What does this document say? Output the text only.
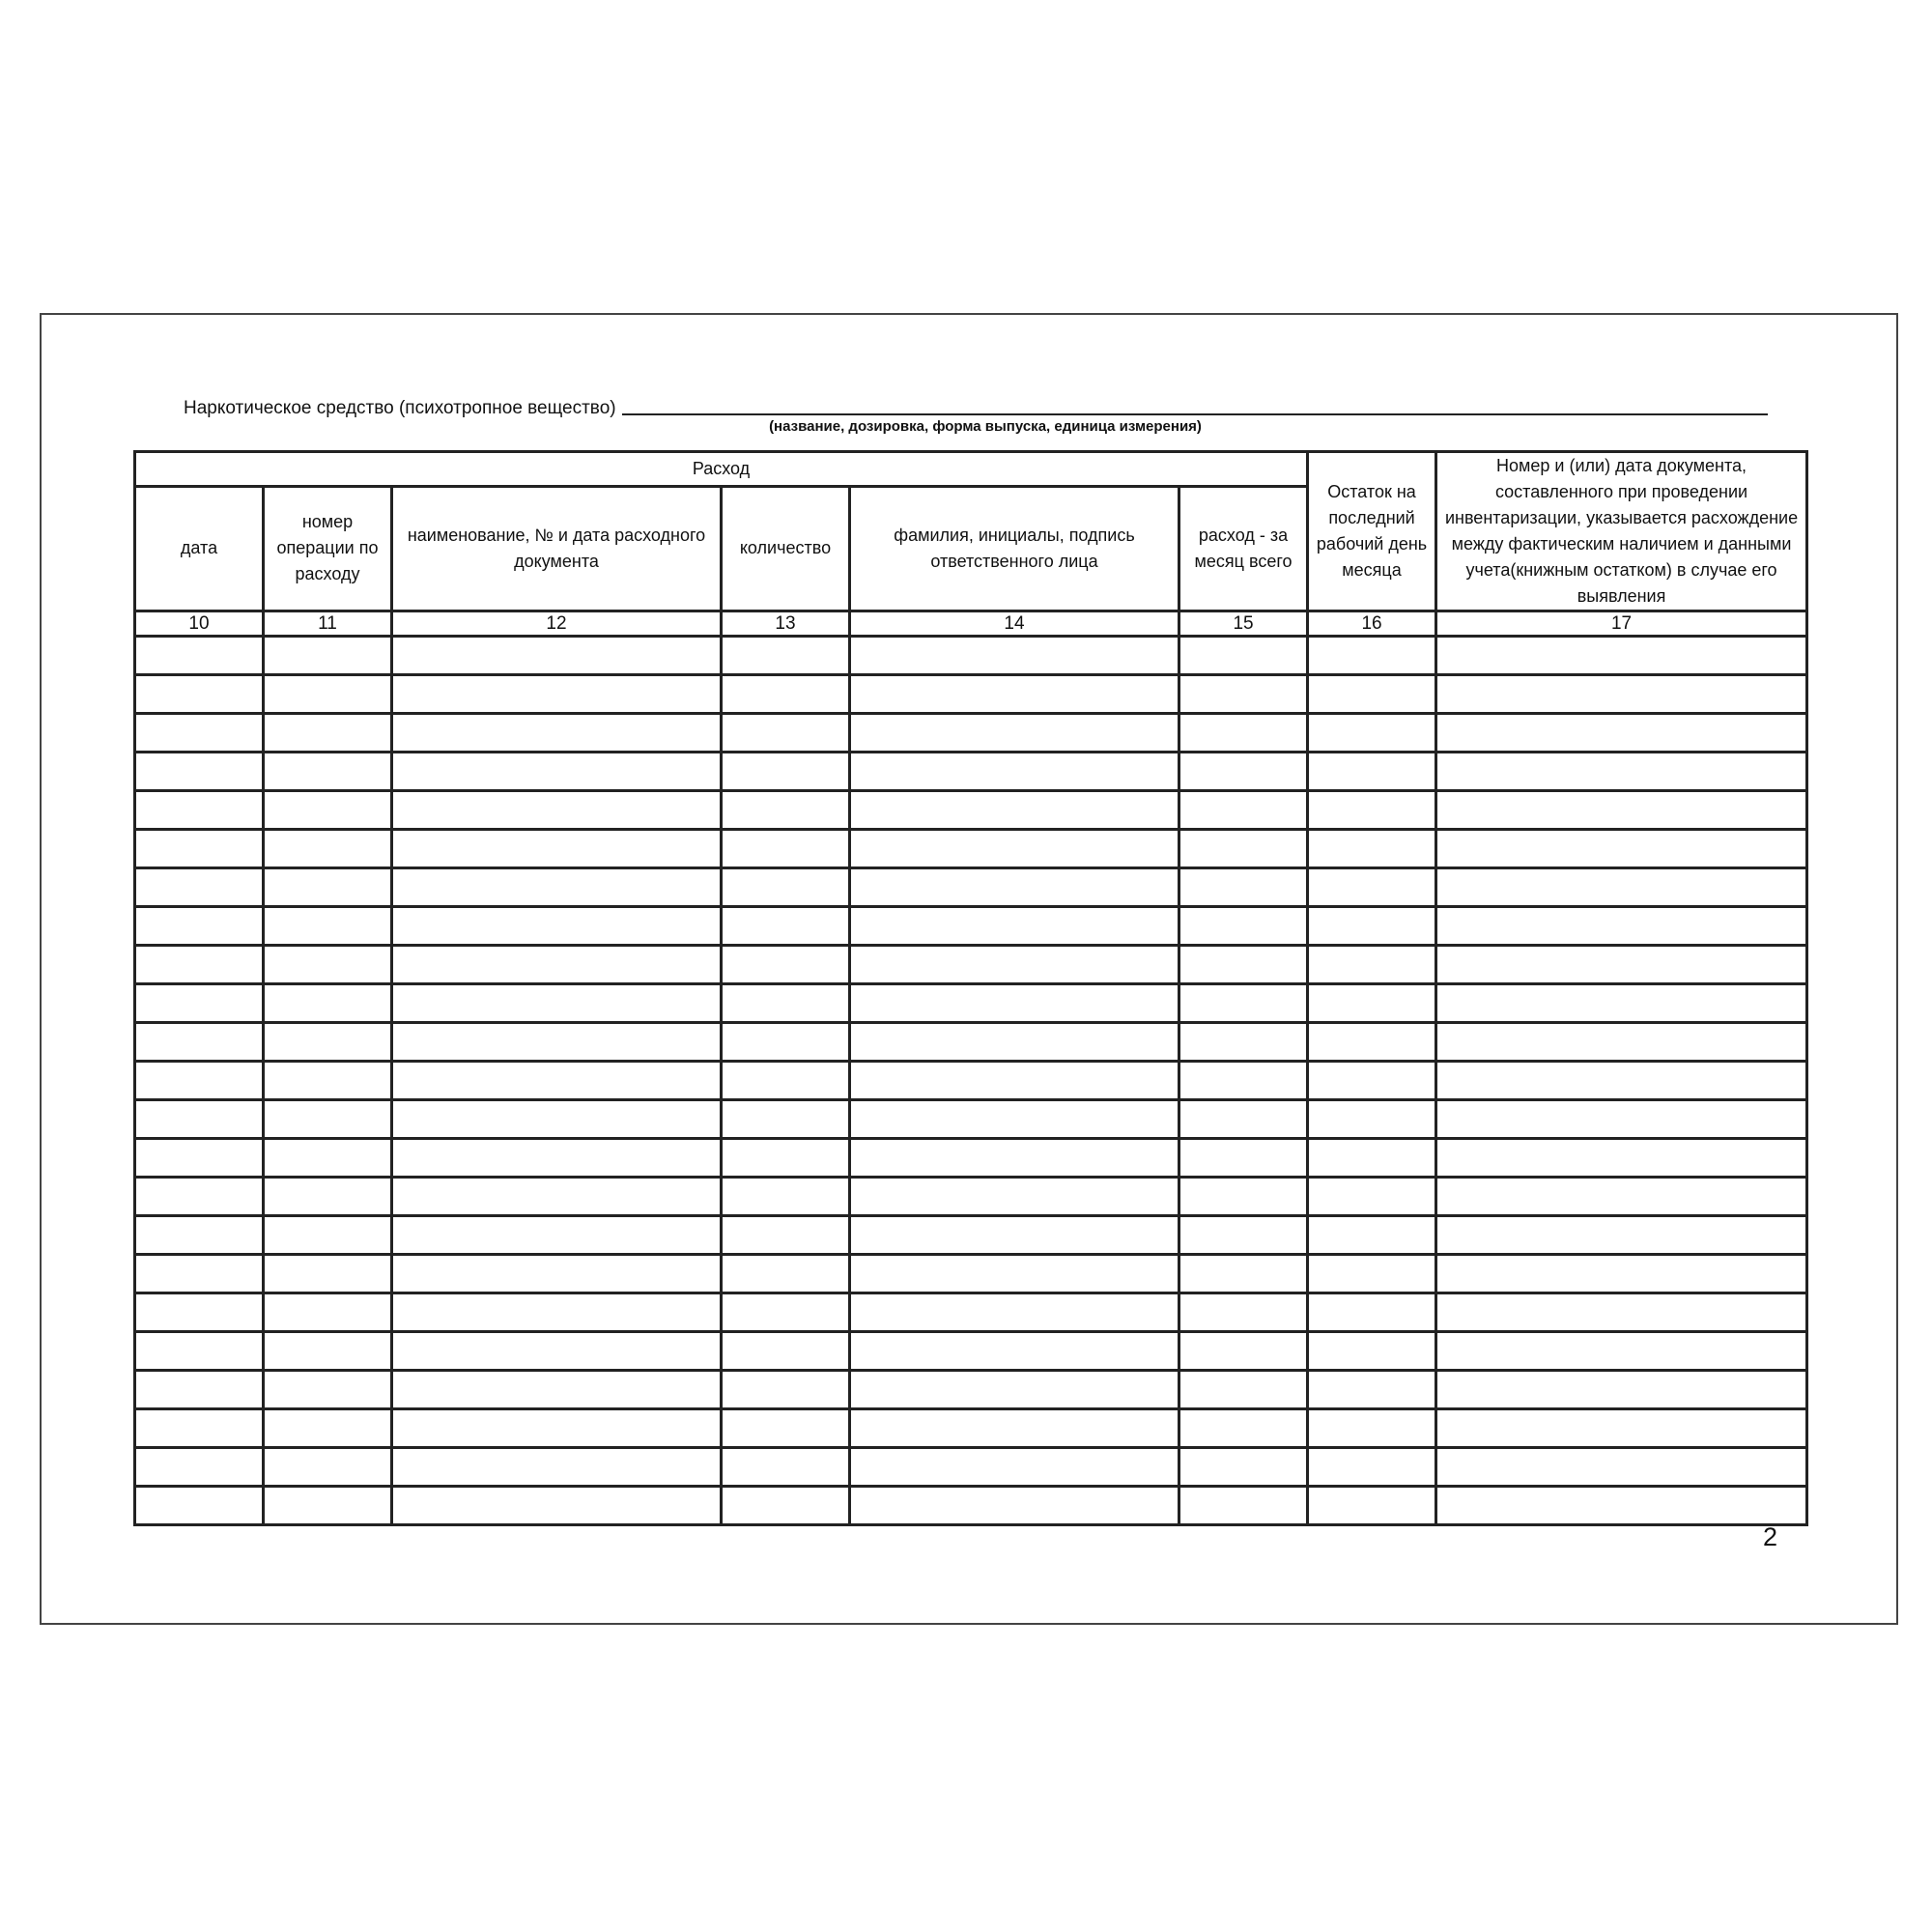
Наркотическое средство (психотропное вещество)
(название, дозировка, форма выпуска, единица измерения)
Расход						Остаток на последний рабочий день месяца	Номер и (или) дата документа, составленного при проведении инвентаризации, указывается расхождение между фактическим наличием и данными учета(книжным остатком) в случае его выявления
дата	номер операции по расходу	наименование, № и дата расходного документа	количество	фамилия, инициалы, подпись ответственного лица	расход - за месяц всего		
10	11	12	13	14	15	16	17

2
